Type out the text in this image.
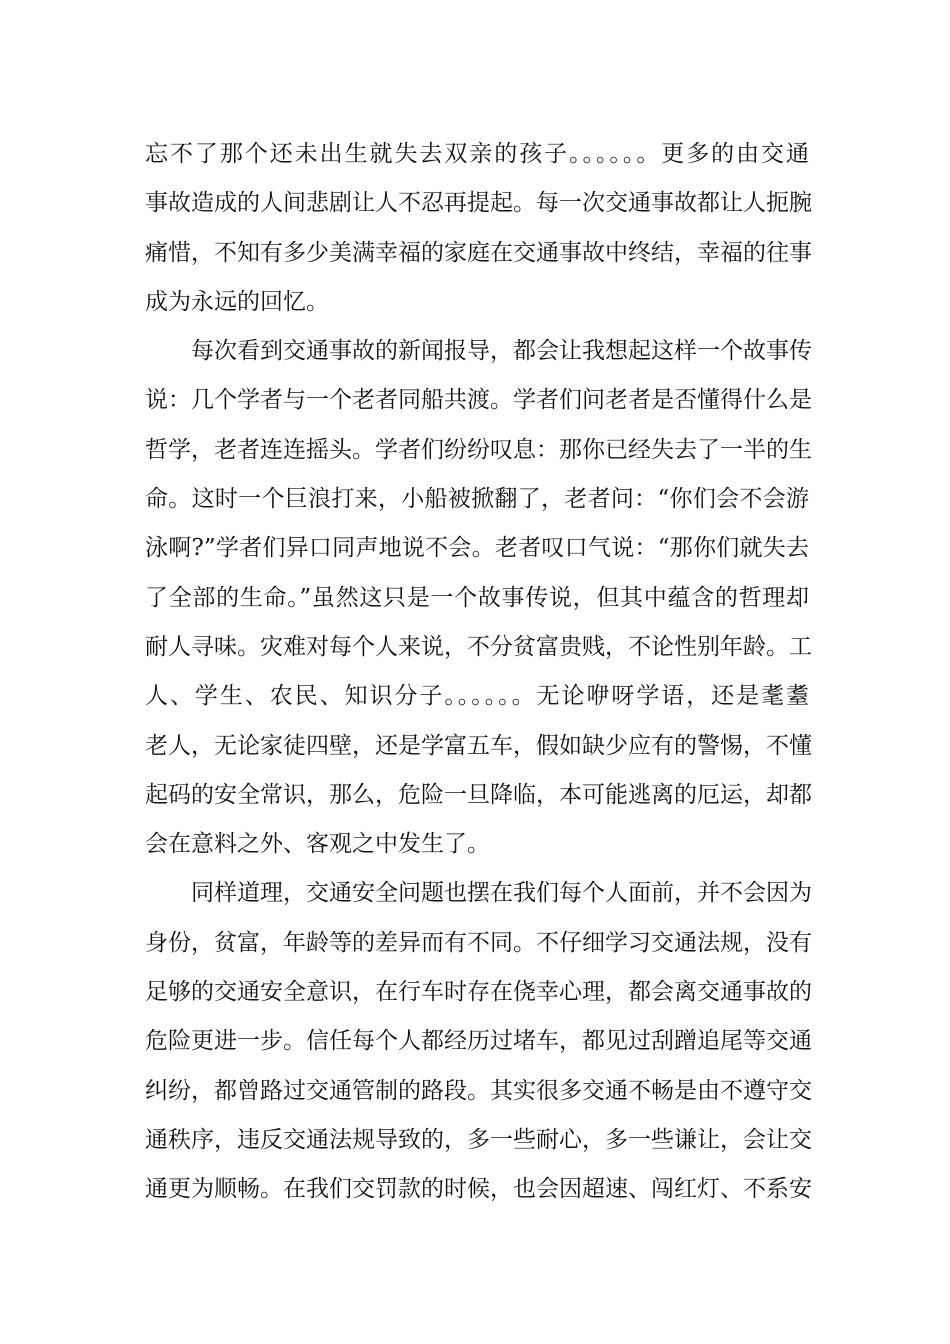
忘不了那个还未出生就失去双亲的孩子。。。。。。更多的由交通
事故造成的人间悲剧让人不忍再提起。每一次交通事故都让人扼腕
痛惜，不知有多少美满幸福的家庭在交通事故中终结，幸福的往事
成为永远的回忆。
每次看到交通事故的新闻报导，都会让我想起这样一个故事传
说：几个学者与一个老者同船共渡。学者们问老者是否懂得什么是
哲学，老者连连摇头。学者们纷纷叹息：那你已经失去了一半的生
命。这时一个巨浪打来，小船被掀翻了，老者问：“你们会不会游
泳啊?”学者们异口同声地说不会。老者叹口气说：“那你们就失去
了全部的生命。”虽然这只是一个故事传说，但其中蕴含的哲理却
耐人寻味。灾难对每个人来说，不分贫富贵贱，不论性别年龄。工
人、学生、农民、知识分子。。。。。。无论咿呀学语，还是耄耋
老人，无论家徒四壁，还是学富五车，假如缺少应有的警惕，不懂
起码的安全常识，那么，危险一旦降临，本可能逃离的厄运，却都
会在意料之外、客观之中发生了。
同样道理，交通安全问题也摆在我们每个人面前，并不会因为
身份，贫富，年龄等的差异而有不同。不仔细学习交通法规，没有
足够的交通安全意识，在行车时存在侥幸心理，都会离交通事故的
危险更进一步。信任每个人都经历过堵车，都见过刮蹭追尾等交通
纠纷，都曾路过交通管制的路段。其实很多交通不畅是由不遵守交
通秩序，违反交通法规导致的，多一些耐心，多一些谦让，会让交
通更为顺畅。在我们交罚款的时候，也会因超速、闯红灯、不系安
